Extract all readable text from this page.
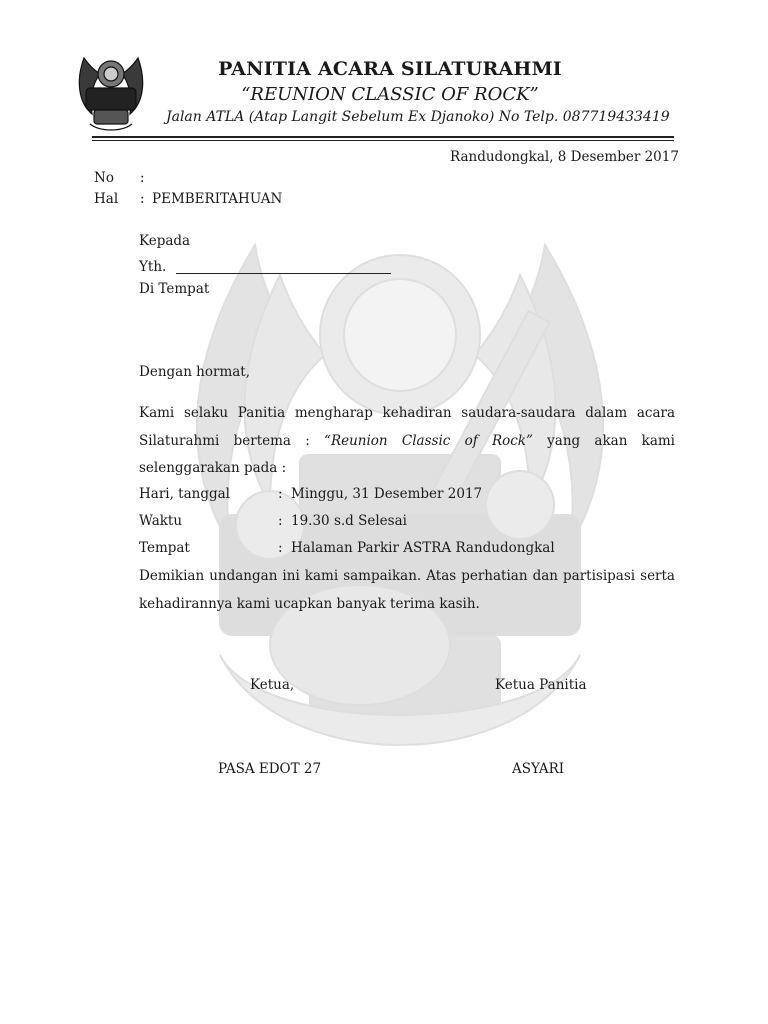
PANITIA ACARA SILATURAHMI
“REUNION CLASSIC OF ROCK”
Jalan ATLA (Atap Langit Sebelum Ex Djanoko) No Telp. 087719433419
Randudongkal, 8 Desember 2017
No :
Hal : PEMBERITAHUAN
Kepada
Yth.
Di Tempat
Dengan hormat,
Kami selaku Panitia mengharap kehadiran saudara-saudara dalam acara Silaturahmi bertema : “Reunion Classic of Rock” yang akan kami selenggarakan pada :
Hari, tanggal	: Minggu, 31 Desember 2017
Waktu	: 19.30 s.d Selesai
Tempat	: Halaman Parkir ASTRA Randudongkal
Demikian undangan ini kami sampaikan. Atas perhatian dan partisipasi serta kehadirannya kami ucapkan banyak terima kasih.
Ketua,	Ketua Panitia
PASA EDOT 27	ASYARI
